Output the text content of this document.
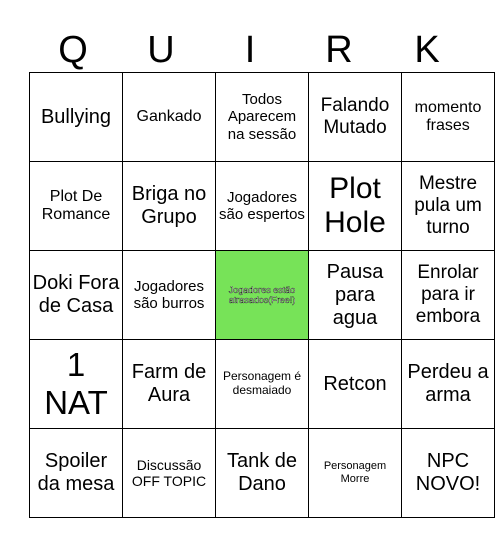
Q	U	I	R	K
Bullying	Gankado	Todos Aparecem na sessão	Falando Mutado	momento frases
Plot De Romance	Briga no Grupo	Jogadores são espertos	Plot Hole	Mestre pula um turno
Doki Fora de Casa	Jogadores são burros	Jogadores estão atrasados(Free!)	Pausa para agua	Enrolar para ir embora
1 NAT	Farm de Aura	Personagem é desmaiado	Retcon	Perdeu a arma
Spoiler da mesa	Discussão OFF TOPIC	Tank de Dano	Personagem Morre	NPC NOVO!
